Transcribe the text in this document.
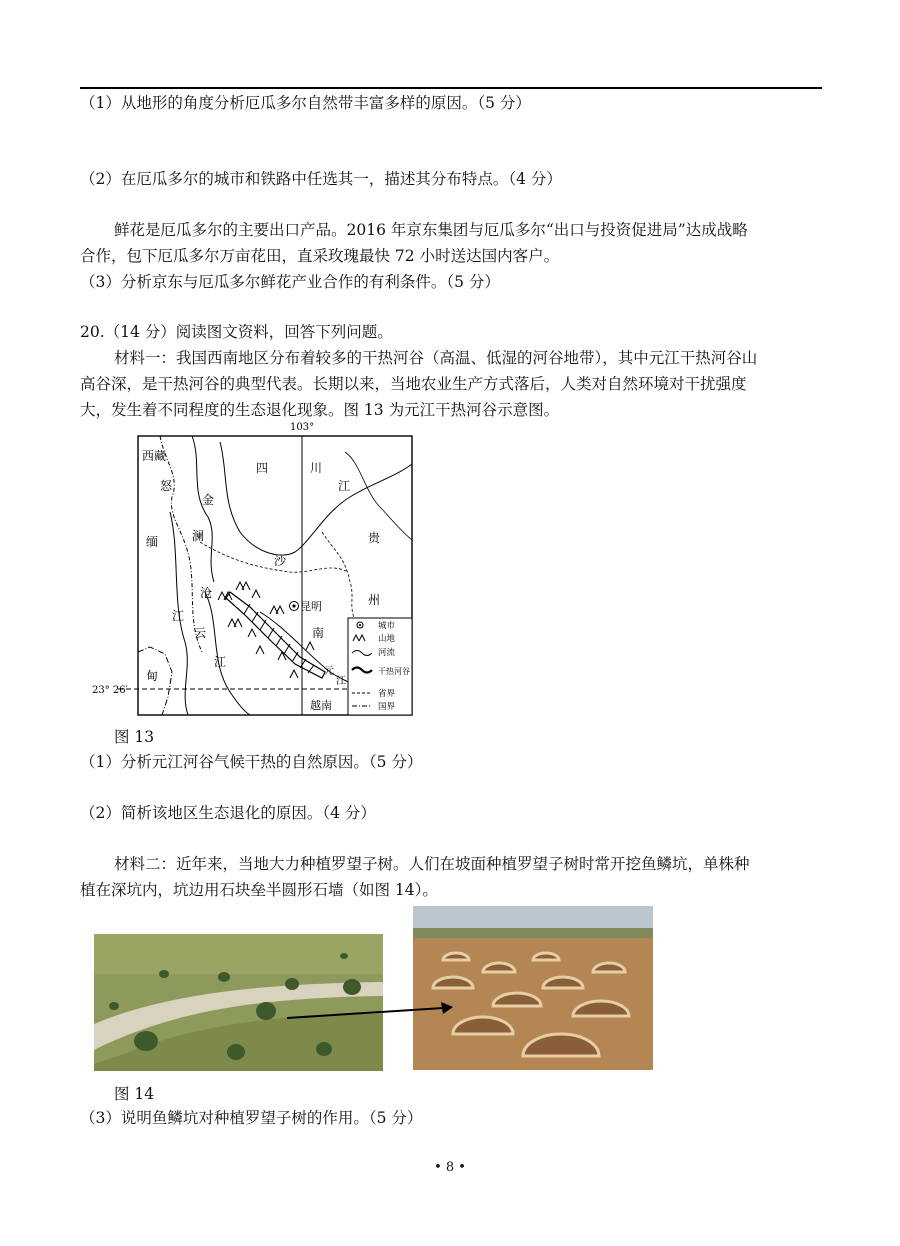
（1）从地形的角度分析厄瓜多尔自然带丰富多样的原因。（5 分）
（2）在厄瓜多尔的城市和铁路中任选其一，描述其分布特点。（4 分）
鲜花是厄瓜多尔的主要出口产品。2016 年京东集团与厄瓜多尔“出口与投资促进局”达成战略
合作，包下厄瓜多尔万亩花田，直采玫瑰最快 72 小时送达国内客户。
（3）分析京东与厄瓜多尔鲜花产业合作的有利条件。（5 分）
20.（14 分）阅读图文资料，回答下列问题。
材料一：我国西南地区分布着较多的干热河谷（高温、低湿的河谷地带），其中元江干热河谷山
高谷深，是干热河谷的典型代表。长期以来，当地农业生产方式落后，人类对自然环境对干扰强度
大，发生着不同程度的生态退化现象。图 13 为元江干热河谷示意图。
103°
23° 26′
西藏
怒
金
澜
沙
四	川
江
贵
州
缅
甸
江
沧
云
江
昆明
南
元
江
越南
城市
山地
河流
干热河谷
省界
国界
图 13
（1）分析元江河谷气候干热的自然原因。（5 分）
（2）简析该地区生态退化的原因。（4 分）
材料二：近年来，当地大力种植罗望子树。人们在坡面种植罗望子树时常开挖鱼鳞坑，单株种
植在深坑内，坑边用石块垒半圆形石墙（如图 14）。
图 14
（3）说明鱼鳞坑对种植罗望子树的作用。（5 分）
• 8 •
